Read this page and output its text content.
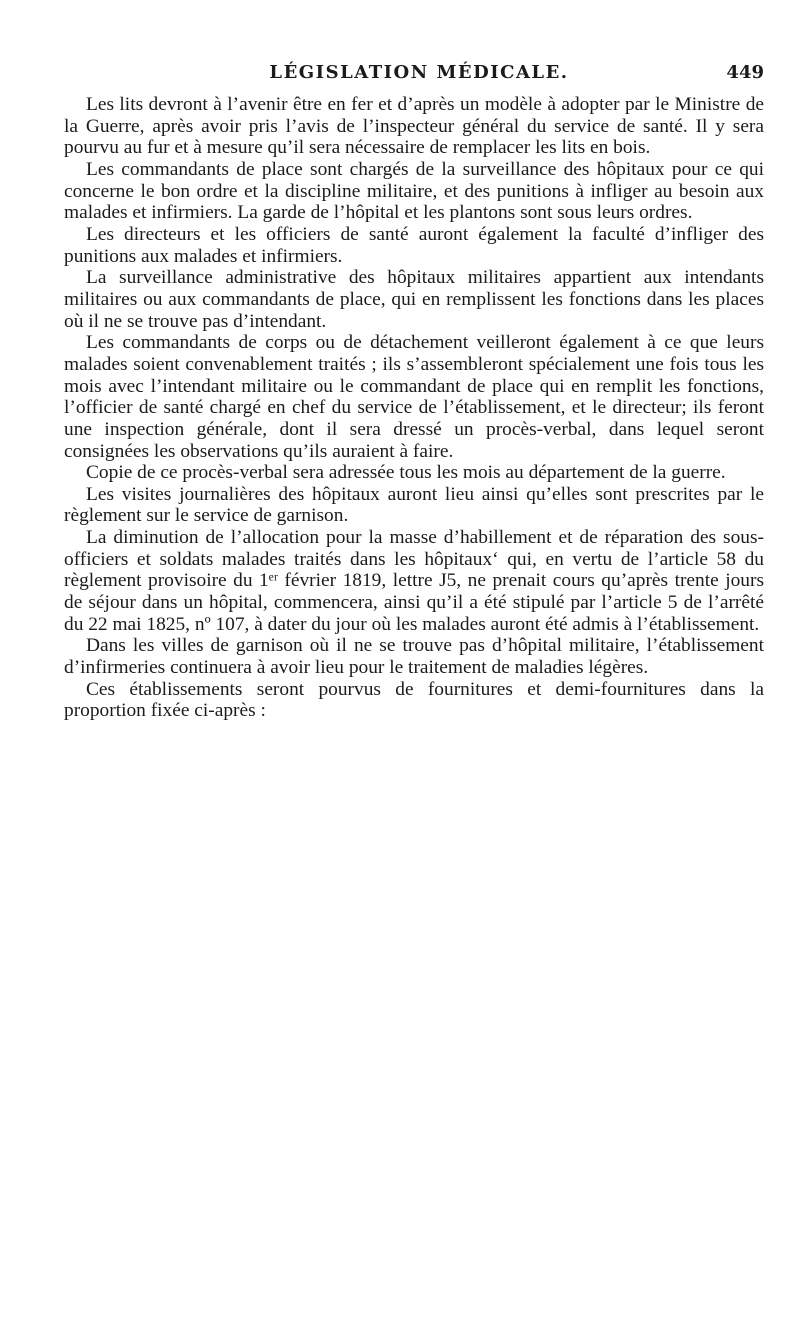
LÉGISLATION MÉDICALE.	449

Les lits devront à l’avenir être en fer et d’après un modèle à adopter par le Ministre de la Guerre, après avoir pris l’avis de l’inspecteur général du service de santé. Il y sera pourvu au fur et à mesure qu’il sera nécessaire de remplacer les lits en bois.

Les commandants de place sont chargés de la surveillance des hôpitaux pour ce qui concerne le bon ordre et la discipline militaire, et des punitions à infliger au besoin aux malades et infirmiers. La garde de l’hôpital et les plantons sont sous leurs ordres.

Les directeurs et les officiers de santé auront également la faculté d’infliger des punitions aux malades et infirmiers.

La surveillance administrative des hôpitaux militaires appartient aux intendants militaires ou aux commandants de place, qui en remplissent les fonctions dans les places où il ne se trouve pas d’intendant.

Les commandants de corps ou de détachement veilleront également à ce que leurs malades soient convenablement traités ; ils s’assembleront spécialement une fois tous les mois avec l’intendant militaire ou le commandant de place qui en remplit les fonctions, l’officier de santé chargé en chef du service de l’établissement, et le directeur; ils feront une inspection générale, dont il sera dressé un procès-verbal, dans lequel seront consignées les observations qu’ils auraient à faire.

Copie de ce procès-verbal sera adressée tous les mois au département de la guerre.

Les visites journalières des hôpitaux auront lieu ainsi qu’elles sont prescrites par le règlement sur le service de garnison.

La diminution de l’allocation pour la masse d’habillement et de réparation des sous-officiers et soldats malades traités dans les hôpitaux‘ qui, en vertu de l’article 58 du règlement provisoire du 1ᵉʳ février 1819, lettre J5, ne prenait cours qu’après trente jours de séjour dans un hôpital, commencera, ainsi qu’il a été stipulé par l’article 5 de l’arrêté du 22 mai 1825, nº 107, à dater du jour où les malades auront été admis à l’établissement.

Dans les villes de garnison où il ne se trouve pas d’hôpital militaire, l’établissement d’infirmeries continuera à avoir lieu pour le traitement de maladies légères.

Ces établissements seront pourvus de fournitures et demi-fournitures dans la proportion fixée ci-après :
